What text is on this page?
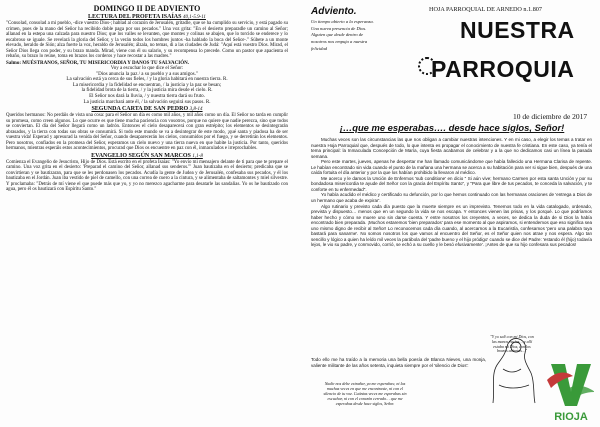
DOMINGO II DE ADVIENTO
LECTURA DEL PROFETA ISAÍAS 40,1-5.9-11

"Consolad, consolad a mi pueblo, -dice vuestro Dios-; hablad al corazón de Jerusalén, gritadle, que se ha cumplido su servicio, y está pagado su crimen, pues de la mano del Señor ha recibido doble paga por sus pecados." Una voz grita: "En el desierto preparadle un camino al Señor; allanad en la estepa una calzada para nuestro Dios; que los valles se levanten, que montes y colinas se abajen, que lo torcido se enderece y lo escabroso se iguale. Se revelará la gloria del Señor, y la verán todos los hombres juntos -ha hablado la boca del Señor-." Súbete a un monte elevado, heraldo de Sión; alza fuerte la voz, heraldo de Jerusalén; álzala, no temas, di a las ciudades de Judá: "Aquí está vuestro Dios. Mirad, el Señor Dios llega con poder, y su brazo manda. Mirad, viene con él su salario, y su recompensa lo precede. Como un pastor que apacienta el rebaño, su brazo lo reúne, toma en brazos los corderos y hace recostar a las madres."

Salmo: MUÉSTRANOS, SEÑOR, TU MISERICORDIA Y DANOS TU SALVACIÓN.

Voy a escuchar lo que dice el Señor:

"Dios anuncia la paz / a su pueblo y a sus amigos."

La salvación está ya cerca de sus fieles, / y la gloria habitará en nuestra tierra. R.

La misericordia y la fidelidad se encuentran, / la justicia y la paz se besan;

la fidelidad brota de la tierra, / y la justicia mira desde el cielo. R.

El Señor nos dará la lluvia, / y nuestra tierra dará su fruto.

La justicia marchará ante él, / la salvación seguirá sus pasos. R.

SEGUNDA CARTA DE SAN PEDRO 3,8-14

Queridos hermanos: No perdáis de vista una cosa: para el Señor un día es como mil años, y mil años como un día. El Señor no tarda en cumplir su promesa, como creen algunos. Lo que ocurre es que tiene mucha paciencia con vosotros, porque no quiere que nadie perezca, sino que todos se conviertan. El día del Señor llegará como un ladrón. Entonces el cielo desaparecerá con gran estrépito; los elementos se desintegrarán abrasados, y la tierra con todas sus obras se consumirá. Si todo este mundo se va a desintegrar de este modo, ¡qué santa y piadosa ha de ser vuestra vida! Esperad y apresurad la venida del Señor, cuando desaparecerán los cielos, consumidos por el fuego, y se derretirán los elementos. Pero nosotros, confiados en la promesa del Señor, esperamos un cielo nuevo y una tierra nueva en que habite la justicia. Por tanto, queridos hermanos, mientras esperáis estos acontecimientos, procurad que Dios os encuentre en paz con él, inmaculados e irreprochables.

EVANGELIO SEGÚN SAN MARCOS 1,1-8

Comienza el Evangelio de Jesucristo, Hijo de Dios. Está escrito en el profeta Isaías: "Yo envío mi mensajero delante de ti para que te prepare el camino. Una voz grita en el desierto: 'Preparad el camino del Señor, allanad sus senderos.'" Juan bautizaba en el desierto; predicaba que se convirtieran y se bautizaran, para que se les perdonasen los pecados. Acudía la gente de Judea y de Jerusalén, confesaba sus pecados, y él los bautizaba en el Jordán. Juan iba vestido de piel de camello, con una correa de cuero a la cintura, y se alimentaba de saltamontes y miel silvestre. Y proclamaba: "Detrás de mí viene el que puede más que yo, y yo no merezco agacharme para desatarle las sandalias. Yo os he bautizado con agua, pero él os bautizará con Espíritu Santo."

Adviento.
Un tiempo abierto a la esperanza. Una nueva presencia de Dios. Alguien que desde dentro de nosotros nos empuja a nuestra felicidad
HOJA PARROQUIAL DE ARNEDO n.1.807
NUESTRA
PARROQUIA
10 de diciembre de 2017
¡…que me esperabas…. desde hace siglos, Señor!

Muchas veces son las circunstancias las que nos obligan a cambiar nuestras intenciones. Y en mi caso, a elegir los temas a tratar en nuestra Hoja Parroquial que, después de todo, lo que intenta es propagar el conocimiento de nuestra fe cristiana. En este caso, ya tenía el tema principal: la Inmaculada Concepción de María, cuya fiesta acabamos de celebrar y a la que no dedicamos casi un línea la pasada semana.

Pero este martes, jueves, apenas he despertar me han llamado comunicándome que había fallecido una Hermana Clarisa de repente. Le habían encontrado sin vida cuando el punto de la mañana una hermana se acerca a su habitación para ver si sigue bien, después de una caída fortuita el día anterior y por la que los habían prohibido la llevaron al médico.

Me acerco y le damos la Unción de Enfermos 'sub conditione' en dicio " Si aún vive; hermano Carmen por esta santa Unción y por su bondadosa misericordia te ayude del Señor con la gracia del Espíritu Santo", y "Para que libre de tus pecados, te conceda la salvación, y te conforte en tu enfermedad".

Yo había acudido el médico y certificado su defunción, por lo que hemos continuado con las hermanas oraciones de 'entrega a Dios de un hermano que acaba de expirar'.

Algo rutinario y previsto cada día puesto que la muerte siempre es un imprevisto. Tenemos todo en la vida catalogado, ordenado, prevista y dispuesto… menos que en un segundo la vida se nos escapa. Y entonces vienen las prisas, y los porqué. Lo que podríamos haber hecho y cómo se muere uno sin darse cuenta. Y entre nosotros los creyentes, a veces, se dedica la duda de si Dios la había encontrado bien preparada. ¡Muchos estaremos 'bien preparados' para ese momento al que aspiramos, si entendemos que eso significa sea uno mismo digno de recibir al Señor! Lo reconocemos cada día cuando, al acercarnos a la Eucaristía, confesamos 'pero una palabra tuya bastará para sanarme'. No somos nosotros los que vamos al encuentro del Señor, es el Señor quien nos atrae y nos espera. Algo tan sencillo y lógico a quien ha leído mil veces la parábola del 'padre bueno y el hijo pródigo' cuando se dice del Padre: 'estando él (hijo) todavía lejos, le vio su padre, y conmovido, corrió, se echó a su cuello y le besó efusivamente'. ¡Antes de que su hijo confesara sus pecados!

Todo ello me ha traído a la memoria una bella poesía de Blanca Nieves, una monja, valiente militante de las años setenta, inquieta siempre por el 'silencio de Dios':

Nadie nos debe extrañar, ya me esperabas; ni las muchas veces en que me encontraste, ni con el silencio de tu voz. Cuántas veces me esperabas sin escuchar, ni con el corazón cerrado… que me esperabas desde hace siglos, Señor.
"Y yo salí con mi Dios, con las manos vacías… y allí estaba mi Dios, con los brazos abiertos…"
RIOJA
